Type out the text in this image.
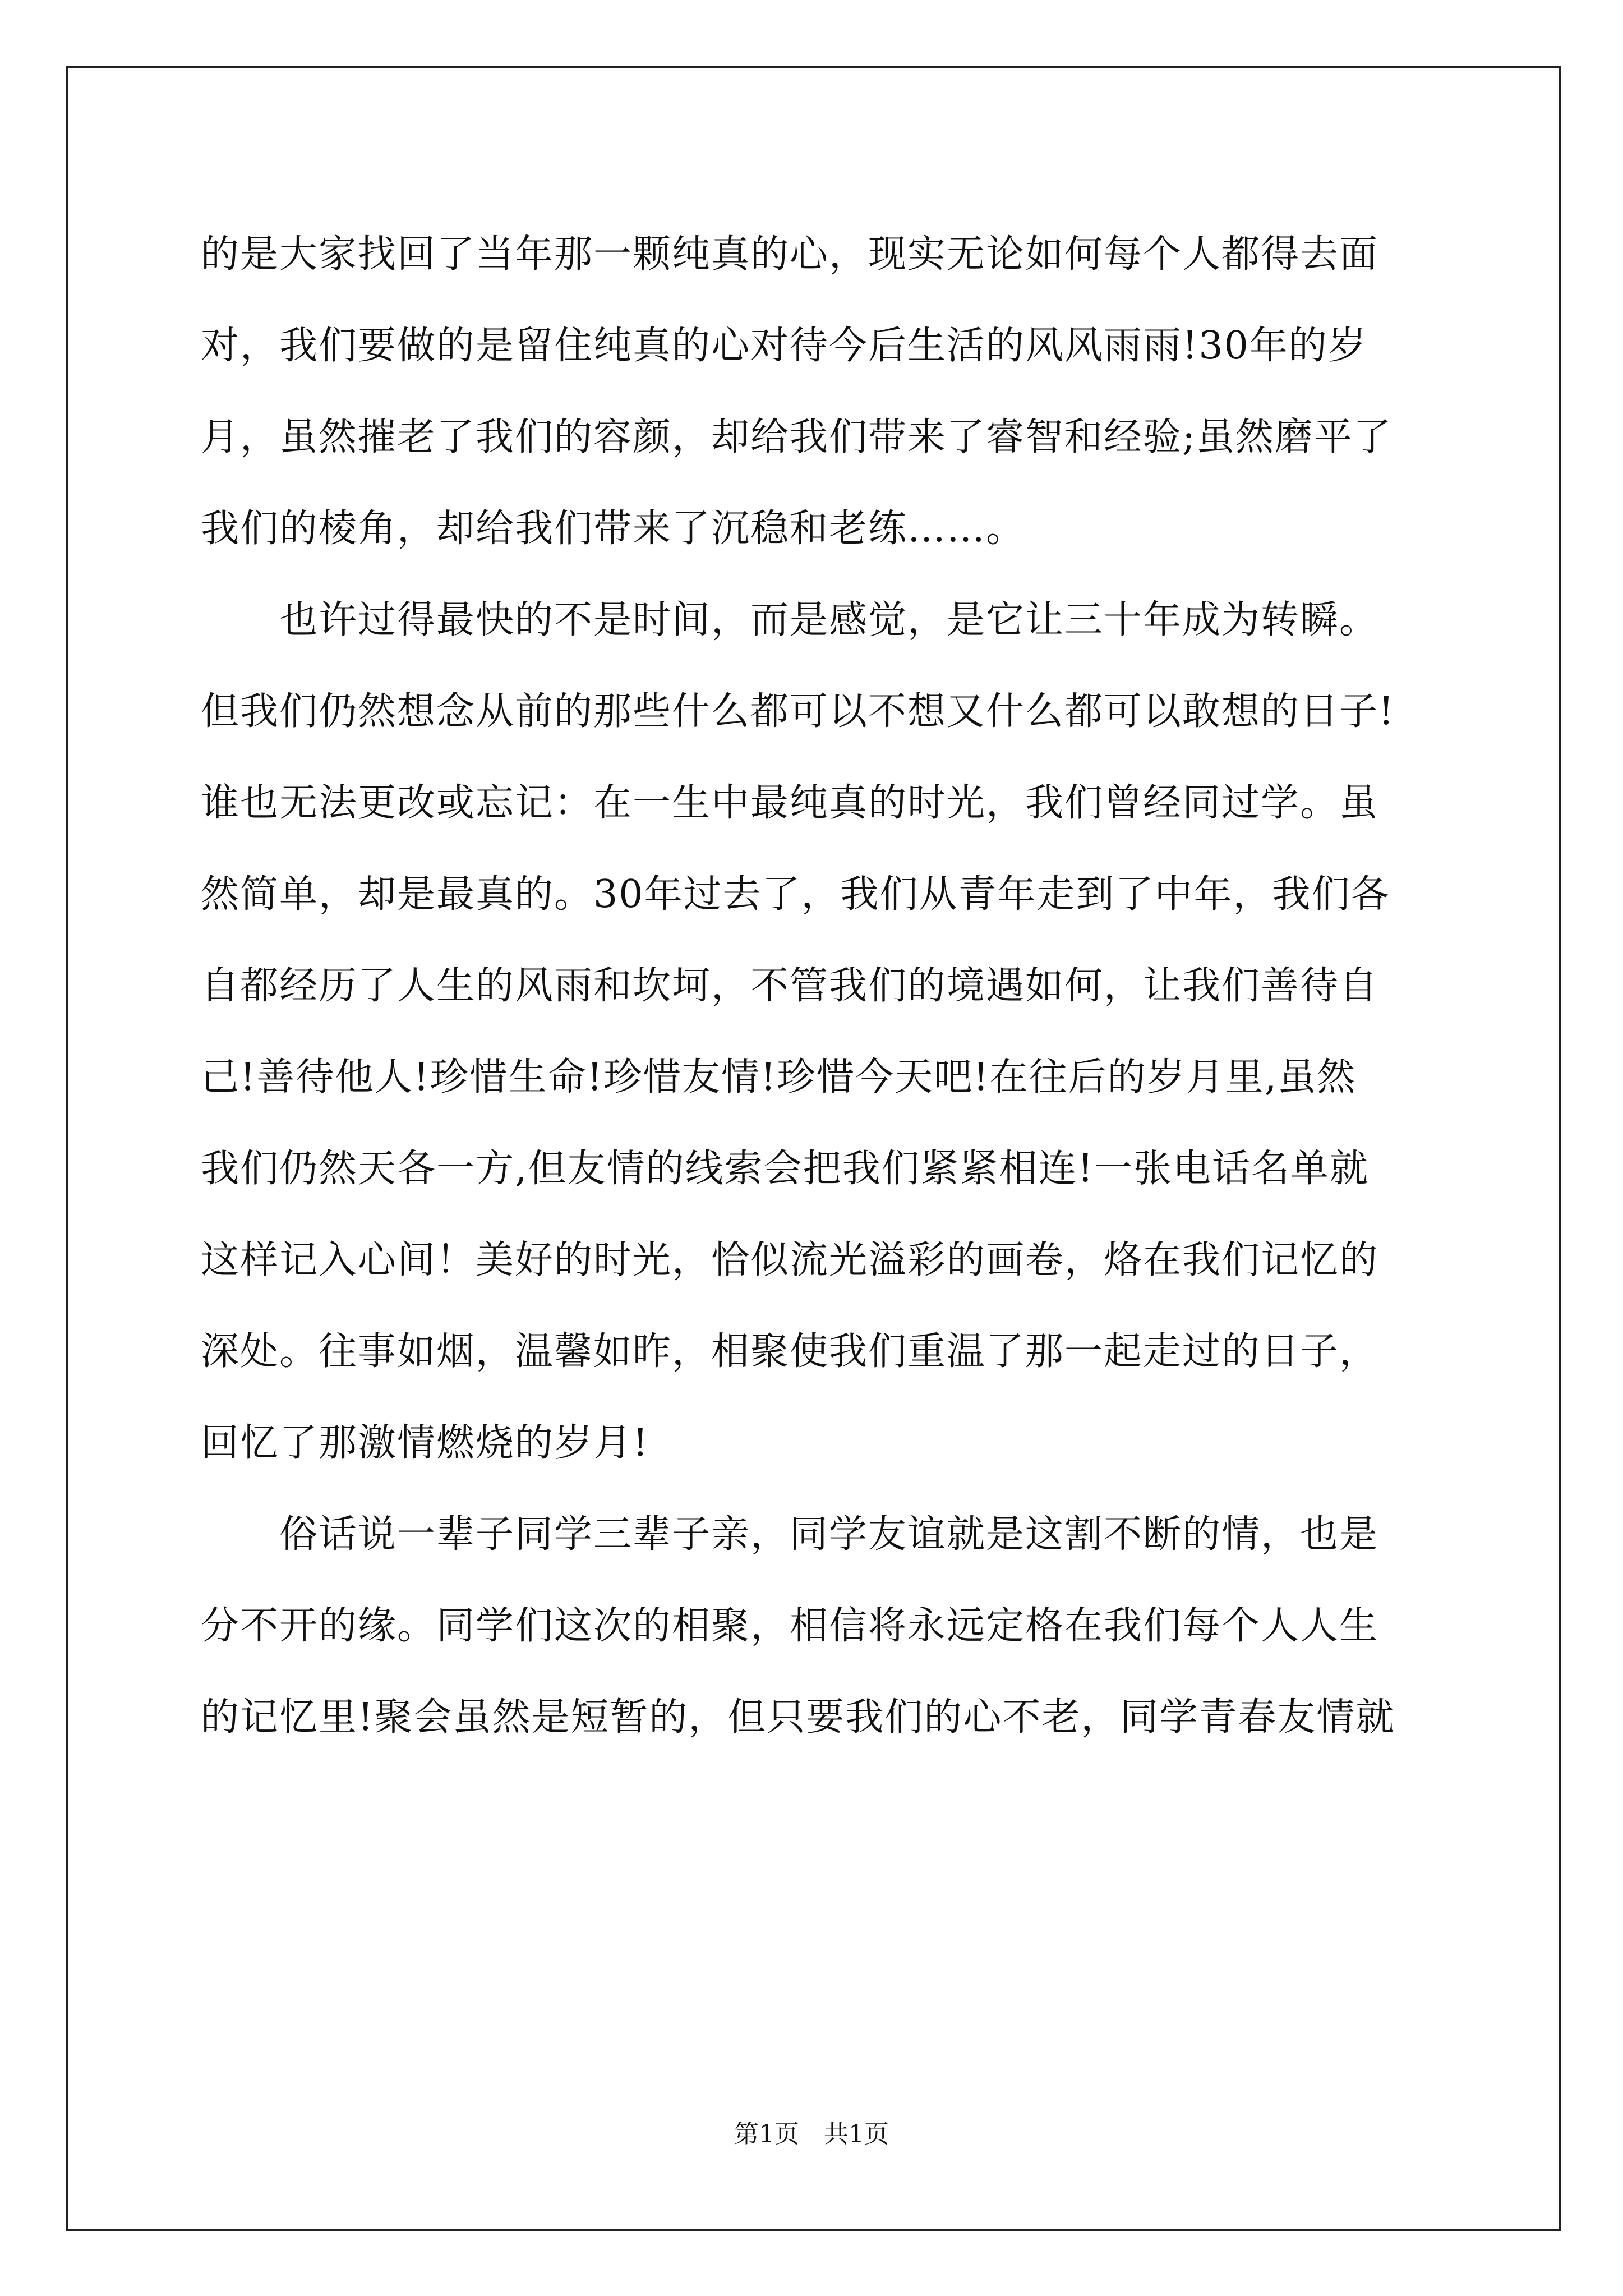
的是大家找回了当年那一颗纯真的心，现实无论如何每个人都得去面
对，我们要做的是留住纯真的心对待今后生活的风风雨雨!30年的岁
月，虽然摧老了我们的容颜，却给我们带来了睿智和经验;虽然磨平了
我们的棱角，却给我们带来了沉稳和老练……。
　　也许过得最快的不是时间，而是感觉，是它让三十年成为转瞬。
但我们仍然想念从前的那些什么都可以不想又什么都可以敢想的日子!
谁也无法更改或忘记：在一生中最纯真的时光，我们曾经同过学。虽
然简单，却是最真的。30年过去了，我们从青年走到了中年，我们各
自都经历了人生的风雨和坎坷，不管我们的境遇如何，让我们善待自
己!善待他人!珍惜生命!珍惜友情!珍惜今天吧!在往后的岁月里,虽然
我们仍然天各一方,但友情的线索会把我们紧紧相连!一张电话名单就
这样记入心间！美好的时光，恰似流光溢彩的画卷，烙在我们记忆的
深处。往事如烟，温馨如昨，相聚使我们重温了那一起走过的日子，
回忆了那激情燃烧的岁月!
　　俗话说一辈子同学三辈子亲，同学友谊就是这割不断的情，也是
分不开的缘。同学们这次的相聚，相信将永远定格在我们每个人人生
的记忆里!聚会虽然是短暂的，但只要我们的心不老，同学青春友情就
第1页　共1页
